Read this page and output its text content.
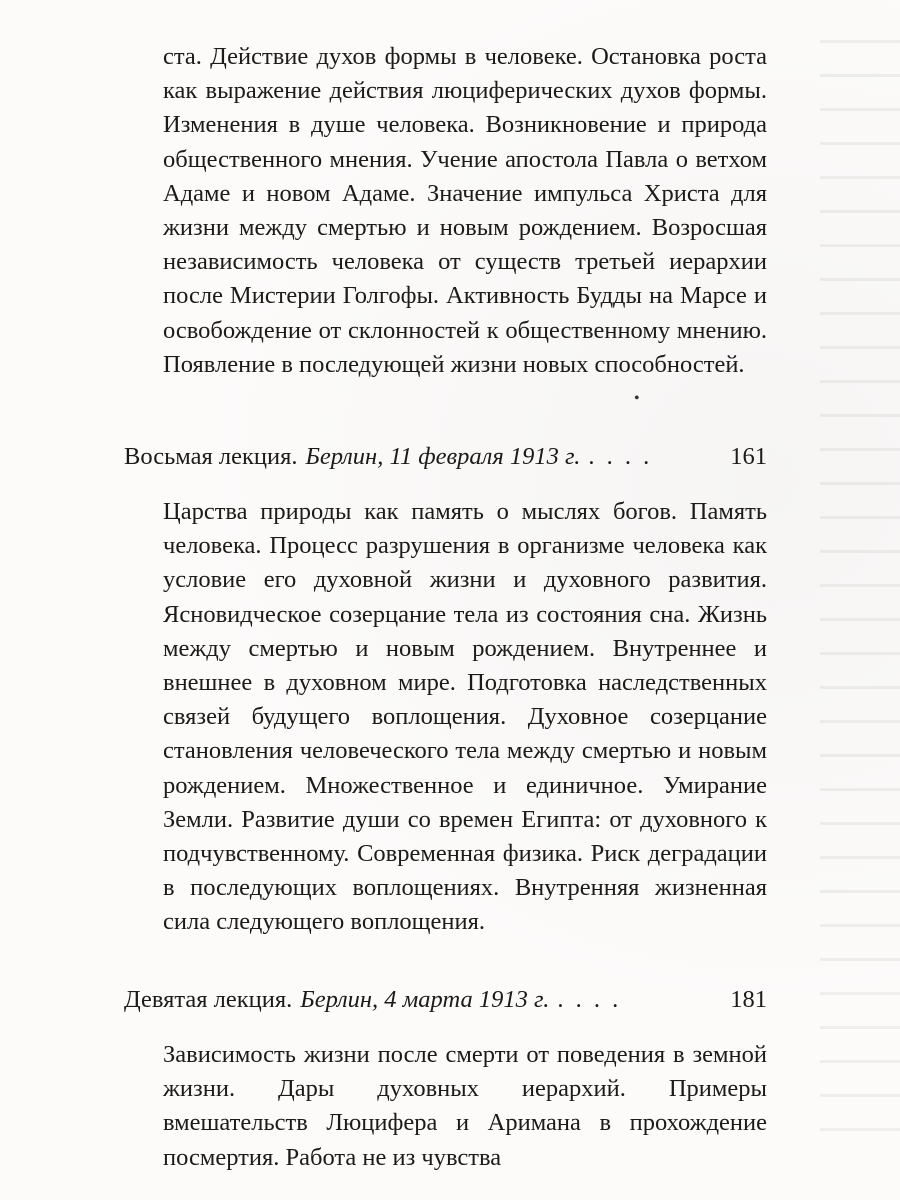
ста. Действие духов формы в человеке. Остановка роста как выражение действия люциферических духов формы. Изменения в душе человека. Возникновение и природа общественного мнения. Учение апостола Павла о ветхом Адаме и новом Адаме. Значение импульса Христа для жизни между смертью и новым рождением. Возросшая независимость человека от существ третьей иерархии после Мистерии Голгофы. Активность Будды на Марсе и освобождение от склонностей к общественному мнению. Появление в последующей жизни новых способностей.

•
Восьмая лекция. Берлин, 11 февраля 1913 г. . . . .	161

Царства природы как память о мыслях богов. Память человека. Процесс разрушения в организме человека как условие его духовной жизни и духовного развития. Ясновидческое созерцание тела из состояния сна. Жизнь между смертью и новым рождением. Внутреннее и внешнее в духовном мире. Подготовка наследственных связей будущего воплощения. Духовное созерцание становления человеческого тела между смертью и новым рождением. Множественное и единичное. Умирание Земли. Развитие души со времен Египта: от духовного к подчувственному. Современная физика. Риск деградации в последующих воплощениях. Внутренняя жизненная сила следующего воплощения.

Девятая лекция. Берлин, 4 марта 1913 г. . . . .	181

Зависимость жизни после смерти от поведения в земной жизни. Дары духовных иерархий. Примеры вмешательств Люцифера и Аримана в прохождение посмертия. Работа не из чувства
